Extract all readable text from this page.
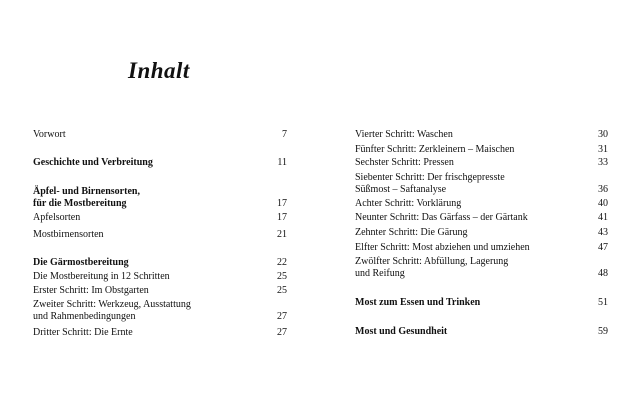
Inhalt
Vorwort	7
Geschichte und Verbreitung	11
Äpfel- und Birnensorten,
für die Mostbereitung	17
Apfelsorten	17
Mostbirnensorten	21
Die Gärmostbereitung	22
Die Mostbereitung in 12 Schritten	25
Erster Schritt: Im Obstgarten	25
Zweiter Schritt: Werkzeug, Ausstattung
und Rahmenbedingungen	27
Dritter Schritt: Die Ernte	27
Vierter Schritt: Waschen	30
Fünfter Schritt: Zerkleinern – Maischen	31
Sechster Schritt: Pressen	33
Siebenter Schritt: Der frischgepresste
Süßmost – Saftanalyse	36
Achter Schritt: Vorklärung	40
Neunter Schritt: Das Gärfass – der Gärtank	41
Zehnter Schritt: Die Gärung	43
Elfter Schritt: Most abziehen und umziehen	47
Zwölfter Schritt: Abfüllung, Lagerung
und Reifung	48
Most zum Essen und Trinken	51
Most und Gesundheit	59
